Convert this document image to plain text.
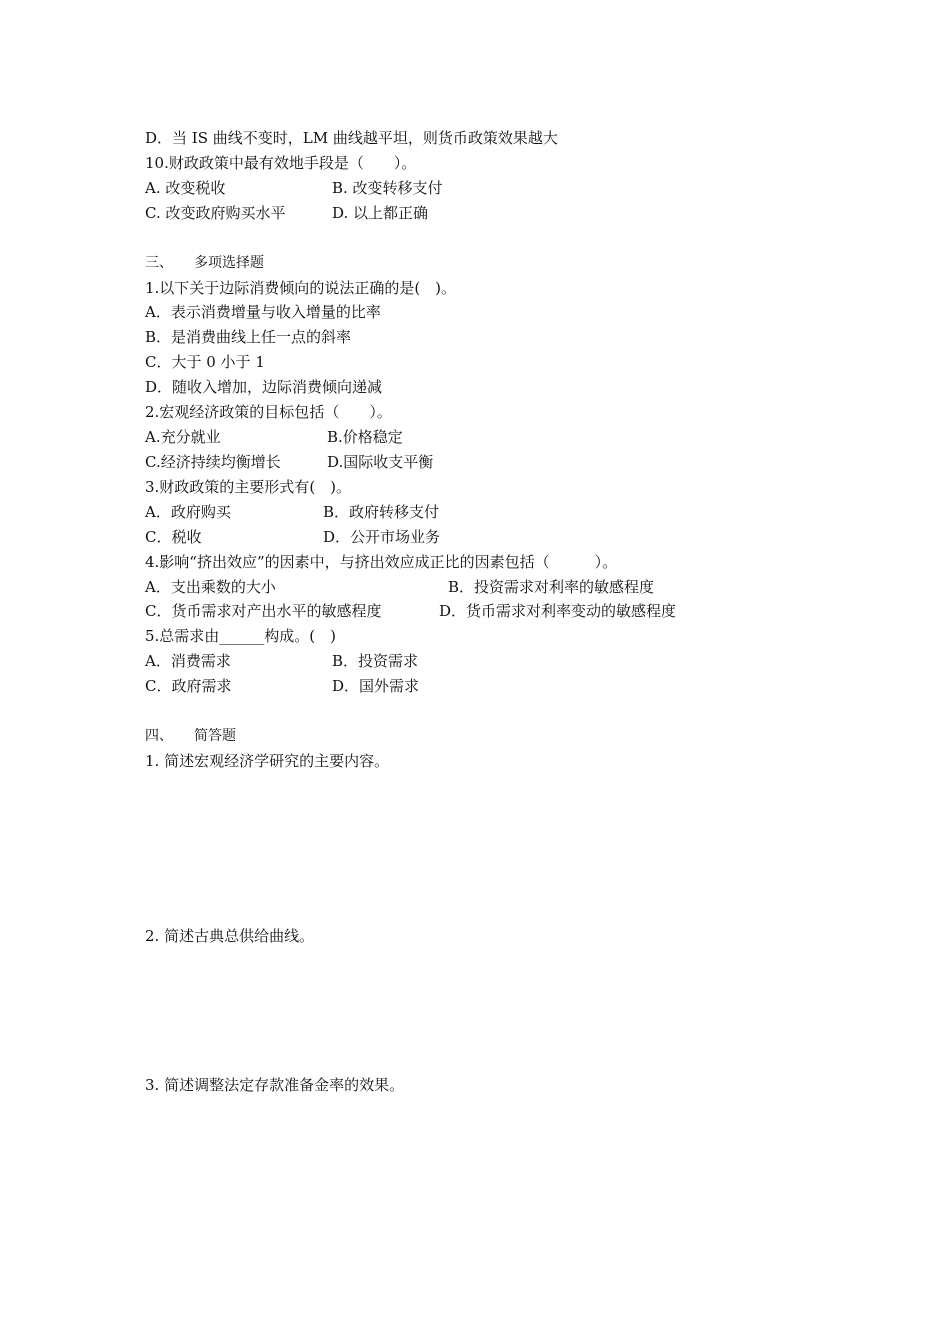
D．当 IS 曲线不变时，LM 曲线越平坦，则货币政策效果越大
10.财政政策中最有效地手段是（　　）。
A. 改变税收	B. 改变转移支付
C. 改变政府购买水平	D. 以上都正确
三、　　多项选择题
1.以下关于边际消费倾向的说法正确的是(　)。
A．表示消费增量与收入增量的比率
B．是消费曲线上任一点的斜率
C．大于 0 小于 1
D．随收入增加，边际消费倾向递减
2.宏观经济政策的目标包括（　　）。
A.充分就业	B.价格稳定
C.经济持续均衡增长	D.国际收支平衡
3.财政政策的主要形式有(　)。
A．政府购买	B．政府转移支付
C．税收	D．公开市场业务
4.影响“挤出效应”的因素中，与挤出效应成正比的因素包括（　　　）。
A．支出乘数的大小	B．投资需求对利率的敏感程度
C．货币需求对产出水平的敏感程度	D．货币需求对利率变动的敏感程度
5.总需求由______构成。(　)
A．消费需求	B．投资需求
C．政府需求	D．国外需求
四、　　简答题
1. 简述宏观经济学研究的主要内容。
2. 简述古典总供给曲线。
3. 简述调整法定存款准备金率的效果。
